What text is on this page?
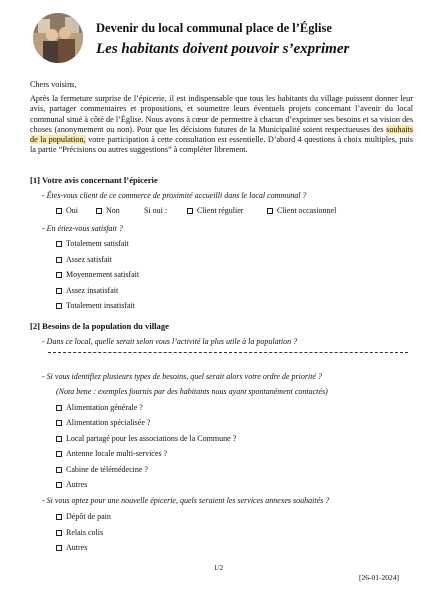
Devenir du local communal place de l’Église
Les habitants doivent pouvoir s’exprimer
Chers voisins,
Après la fermeture surprise de l’épicerie, il est indispensable que tous les habitants du village puissent donner leur avis, partager commentaires et propositions, et soumettre leurs éventuels projets concernant l’avenir du local communal situé à côté de l’Église. Nous avons à cœur de permettre à chacun d’exprimer ses besoins et sa vision des choses (anonymement ou non). Pour que les décisions futures de la Municipalité soient respectueuses des souhaits de la population, votre participation à cette consultation est essentielle. D’abord 4 questions à choix multiples, puis la partie “Précisions ou autres suggestions” à compléter librement.
[1] Votre avis concernant l’épicerie
- Êtes-vous client de ce commerce de proximité accueilli dans le local communal ?
Oui	Non	Si oui :	Client régulier	Client occasionnel
- En étiez-vous satisfait ?
Totalement satisfait
Assez satisfait
Moyennement satisfait
Assez insatisfait
Totalement insatisfait
[2] Besoins de la population du village
- Dans ce local, quelle serait selon vous l’activité la plus utile à la population ?
- Si vous identifiez plusieurs types de besoins, quel serait alors votre ordre de priorité ?
(Nota bene : exemples fournis par des habitants nous ayant spontanément contactés)
Alimentation générale ?
Alimentation spécialisée ?
Local partagé pour les associations de la Commune ?
Antenne locale multi-services ?
Cabine de télémédecine ?
Autres
- Si vous optez pour une nouvelle épicerie, quels seraient les services annexes souhaités ?
Dépôt de pain
Relais colis
Autres
1/2
[26-01-2024]
